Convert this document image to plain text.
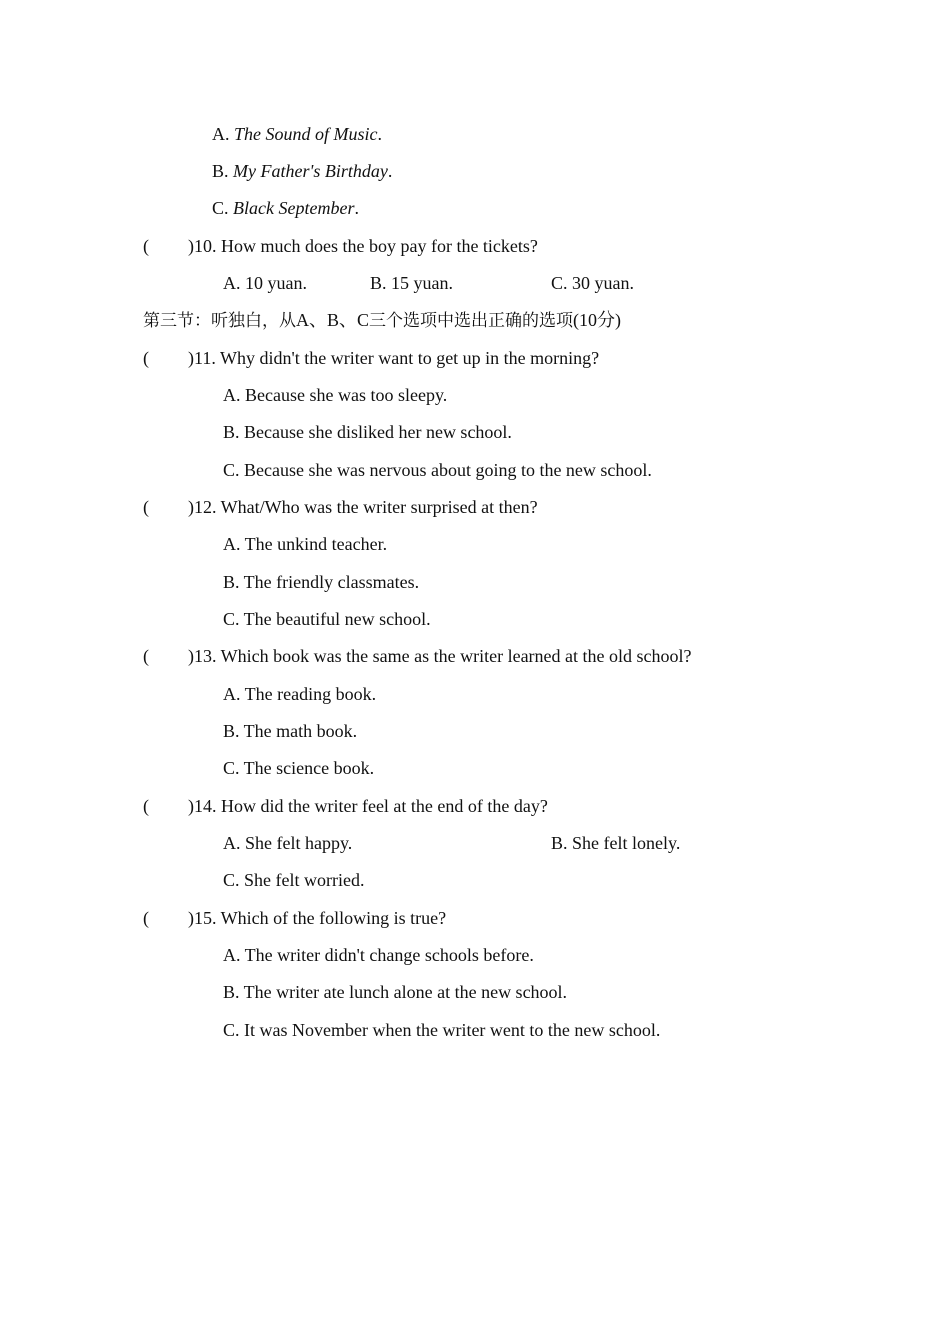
A. The Sound of Music.
B. My Father's Birthday.
C. Black September.
( )10. How much does the boy pay for the tickets?
A. 10 yuan.	B. 15 yuan.	C. 30 yuan.
第三节：听独白，从A、B、C三个选项中选出正确的选项(10分)
( )11. Why didn't the writer want to get up in the morning?
A. Because she was too sleepy.
B. Because she disliked her new school.
C. Because she was nervous about going to the new school.
( )12. What/Who was the writer surprised at then?
A. The unkind teacher.
B. The friendly classmates.
C. The beautiful new school.
( )13. Which book was the same as the writer learned at the old school?
A. The reading book.
B. The math book.
C. The science book.
( )14. How did the writer feel at the end of the day?
A. She felt happy.	B. She felt lonely.
C. She felt worried.
( )15. Which of the following is true?
A. The writer didn't change schools before.
B. The writer ate lunch alone at the new school.
C. It was November when the writer went to the new school.
